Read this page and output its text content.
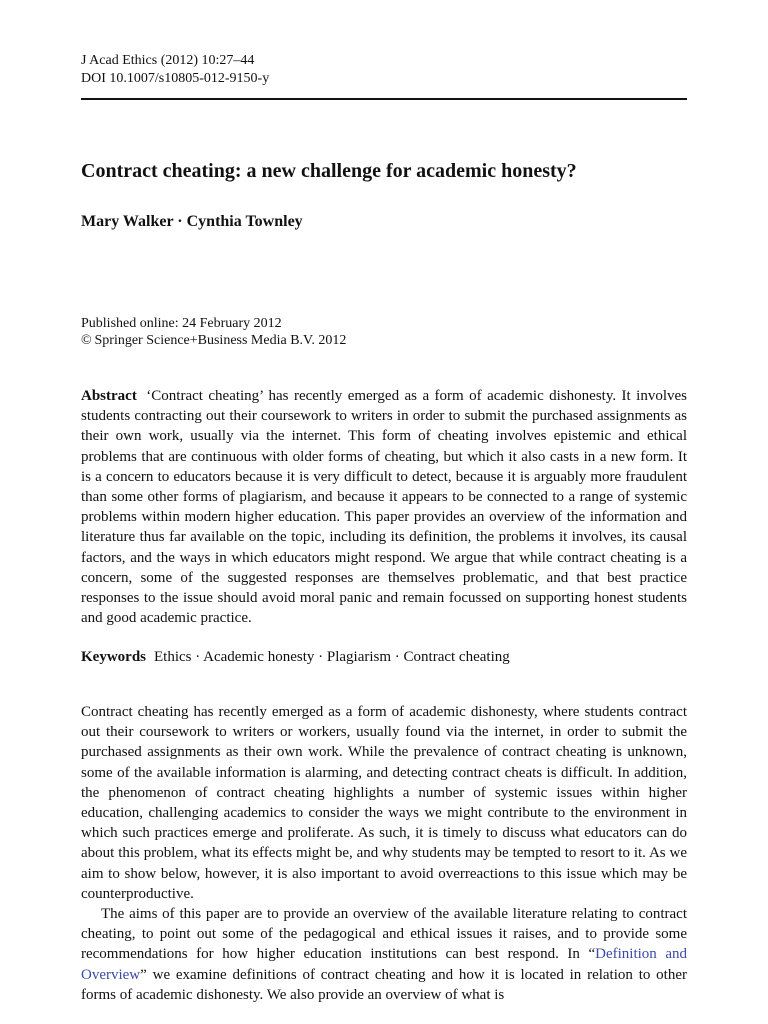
J Acad Ethics (2012) 10:27–44
DOI 10.1007/s10805-012-9150-y
Contract cheating: a new challenge for academic honesty?
Mary Walker · Cynthia Townley
Published online: 24 February 2012
© Springer Science+Business Media B.V. 2012

Abstract ‘Contract cheating’ has recently emerged as a form of academic dishonesty. It involves students contracting out their coursework to writers in order to submit the purchased assignments as their own work, usually via the internet. This form of cheating involves epistemic and ethical problems that are continuous with older forms of cheating, but which it also casts in a new form. It is a concern to educators because it is very difficult to detect, because it is arguably more fraudulent than some other forms of plagiarism, and because it appears to be connected to a range of systemic problems within modern higher education. This paper provides an overview of the information and literature thus far available on the topic, including its definition, the problems it involves, its causal factors, and the ways in which educators might respond. We argue that while contract cheating is a concern, some of the suggested responses are themselves problematic, and that best practice responses to the issue should avoid moral panic and remain focussed on supporting honest students and good academic practice.

Keywords Ethics · Academic honesty · Plagiarism · Contract cheating

Contract cheating has recently emerged as a form of academic dishonesty, where students contract out their coursework to writers or workers, usually found via the internet, in order to submit the purchased assignments as their own work. While the prevalence of contract cheating is unknown, some of the available information is alarming, and detecting contract cheats is difficult. In addition, the phenomenon of contract cheating highlights a number of systemic issues within higher education, challenging academics to consider the ways we might contribute to the environment in which such practices emerge and proliferate. As such, it is timely to discuss what educators can do about this problem, what its effects might be, and why students may be tempted to resort to it. As we aim to show below, however, it is also important to avoid overreactions to this issue which may be counterproductive.

The aims of this paper are to provide an overview of the available literature relating to contract cheating, to point out some of the pedagogical and ethical issues it raises, and to provide some recommendations for how higher education institutions can best respond. In “Definition and Overview” we examine definitions of contract cheating and how it is located in relation to other forms of academic dishonesty. We also provide an overview of what is
